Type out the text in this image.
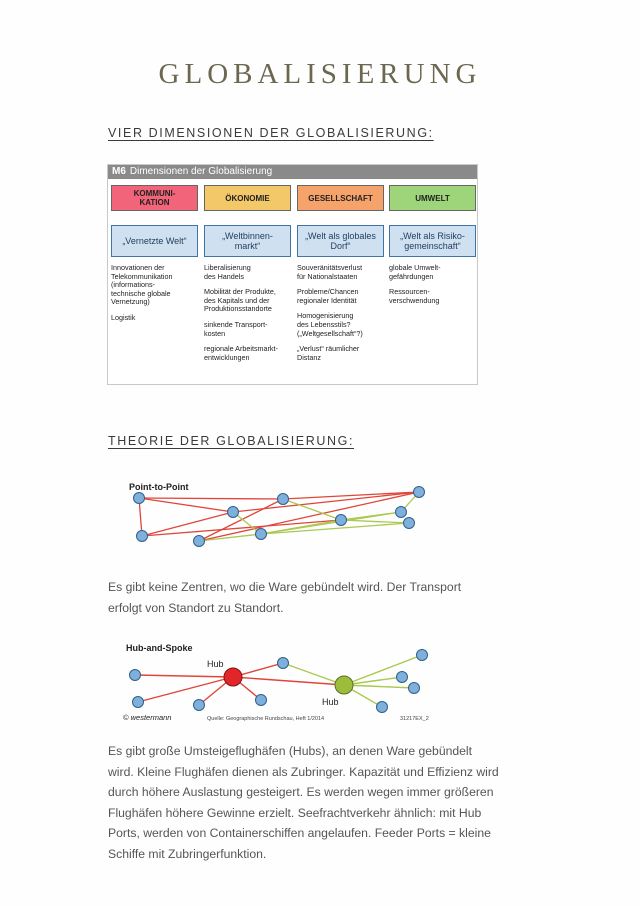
GLOBALISIERUNG
VIER DIMENSIONEN DER GLOBALISIERUNG:
M6 Dimensionen der Globalisierung
KOMMUNI-
KATION
„Vernetzte Welt“
Innovationen der
Telekommunikation
(informations-
technische globale
Vernetzung)
Logistik
ÖKONOMIE
„Weltbinnen-
markt“
Liberalisierung
des Handels
Mobilität der Produkte,
des Kapitals und der
Produktionsstandorte
sinkende Transport-
kosten
regionale Arbeitsmarkt-
entwicklungen
GESELLSCHAFT
„Welt als globales
Dorf“
Souveränitätsverlust
für Nationalstaaten
Probleme/Chancen
regionaler Identität
Homogenisierung
des Lebensstils?
(„Weltgesellschaft“?)
„Verlust“ räumlicher
Distanz
UMWELT
„Welt als Risiko-
gemeinschaft“
globale Umwelt-
gefährdungen
Ressourcen-
verschwendung
THEORIE DER GLOBALISIERUNG:
Point-to-Point
Es gibt keine Zentren, wo die Ware gebündelt wird. Der Transport
erfolgt von Standort zu Standort.
Hub-and-Spoke
Hub
Hub
© westermann	Quelle: Geographische Rundschau, Heft 1/2014	31217EX_2
Es gibt große Umsteigeflughäfen (Hubs), an denen Ware gebündelt
wird. Kleine Flughäfen dienen als Zubringer. Kapazität und Effizienz wird
durch höhere Auslastung gesteigert. Es werden wegen immer größeren
Flughäfen höhere Gewinne erzielt. Seefrachtverkehr ähnlich: mit Hub
Ports, werden von Containerschiffen angelaufen. Feeder Ports = kleine
Schiffe mit Zubringerfunktion.
